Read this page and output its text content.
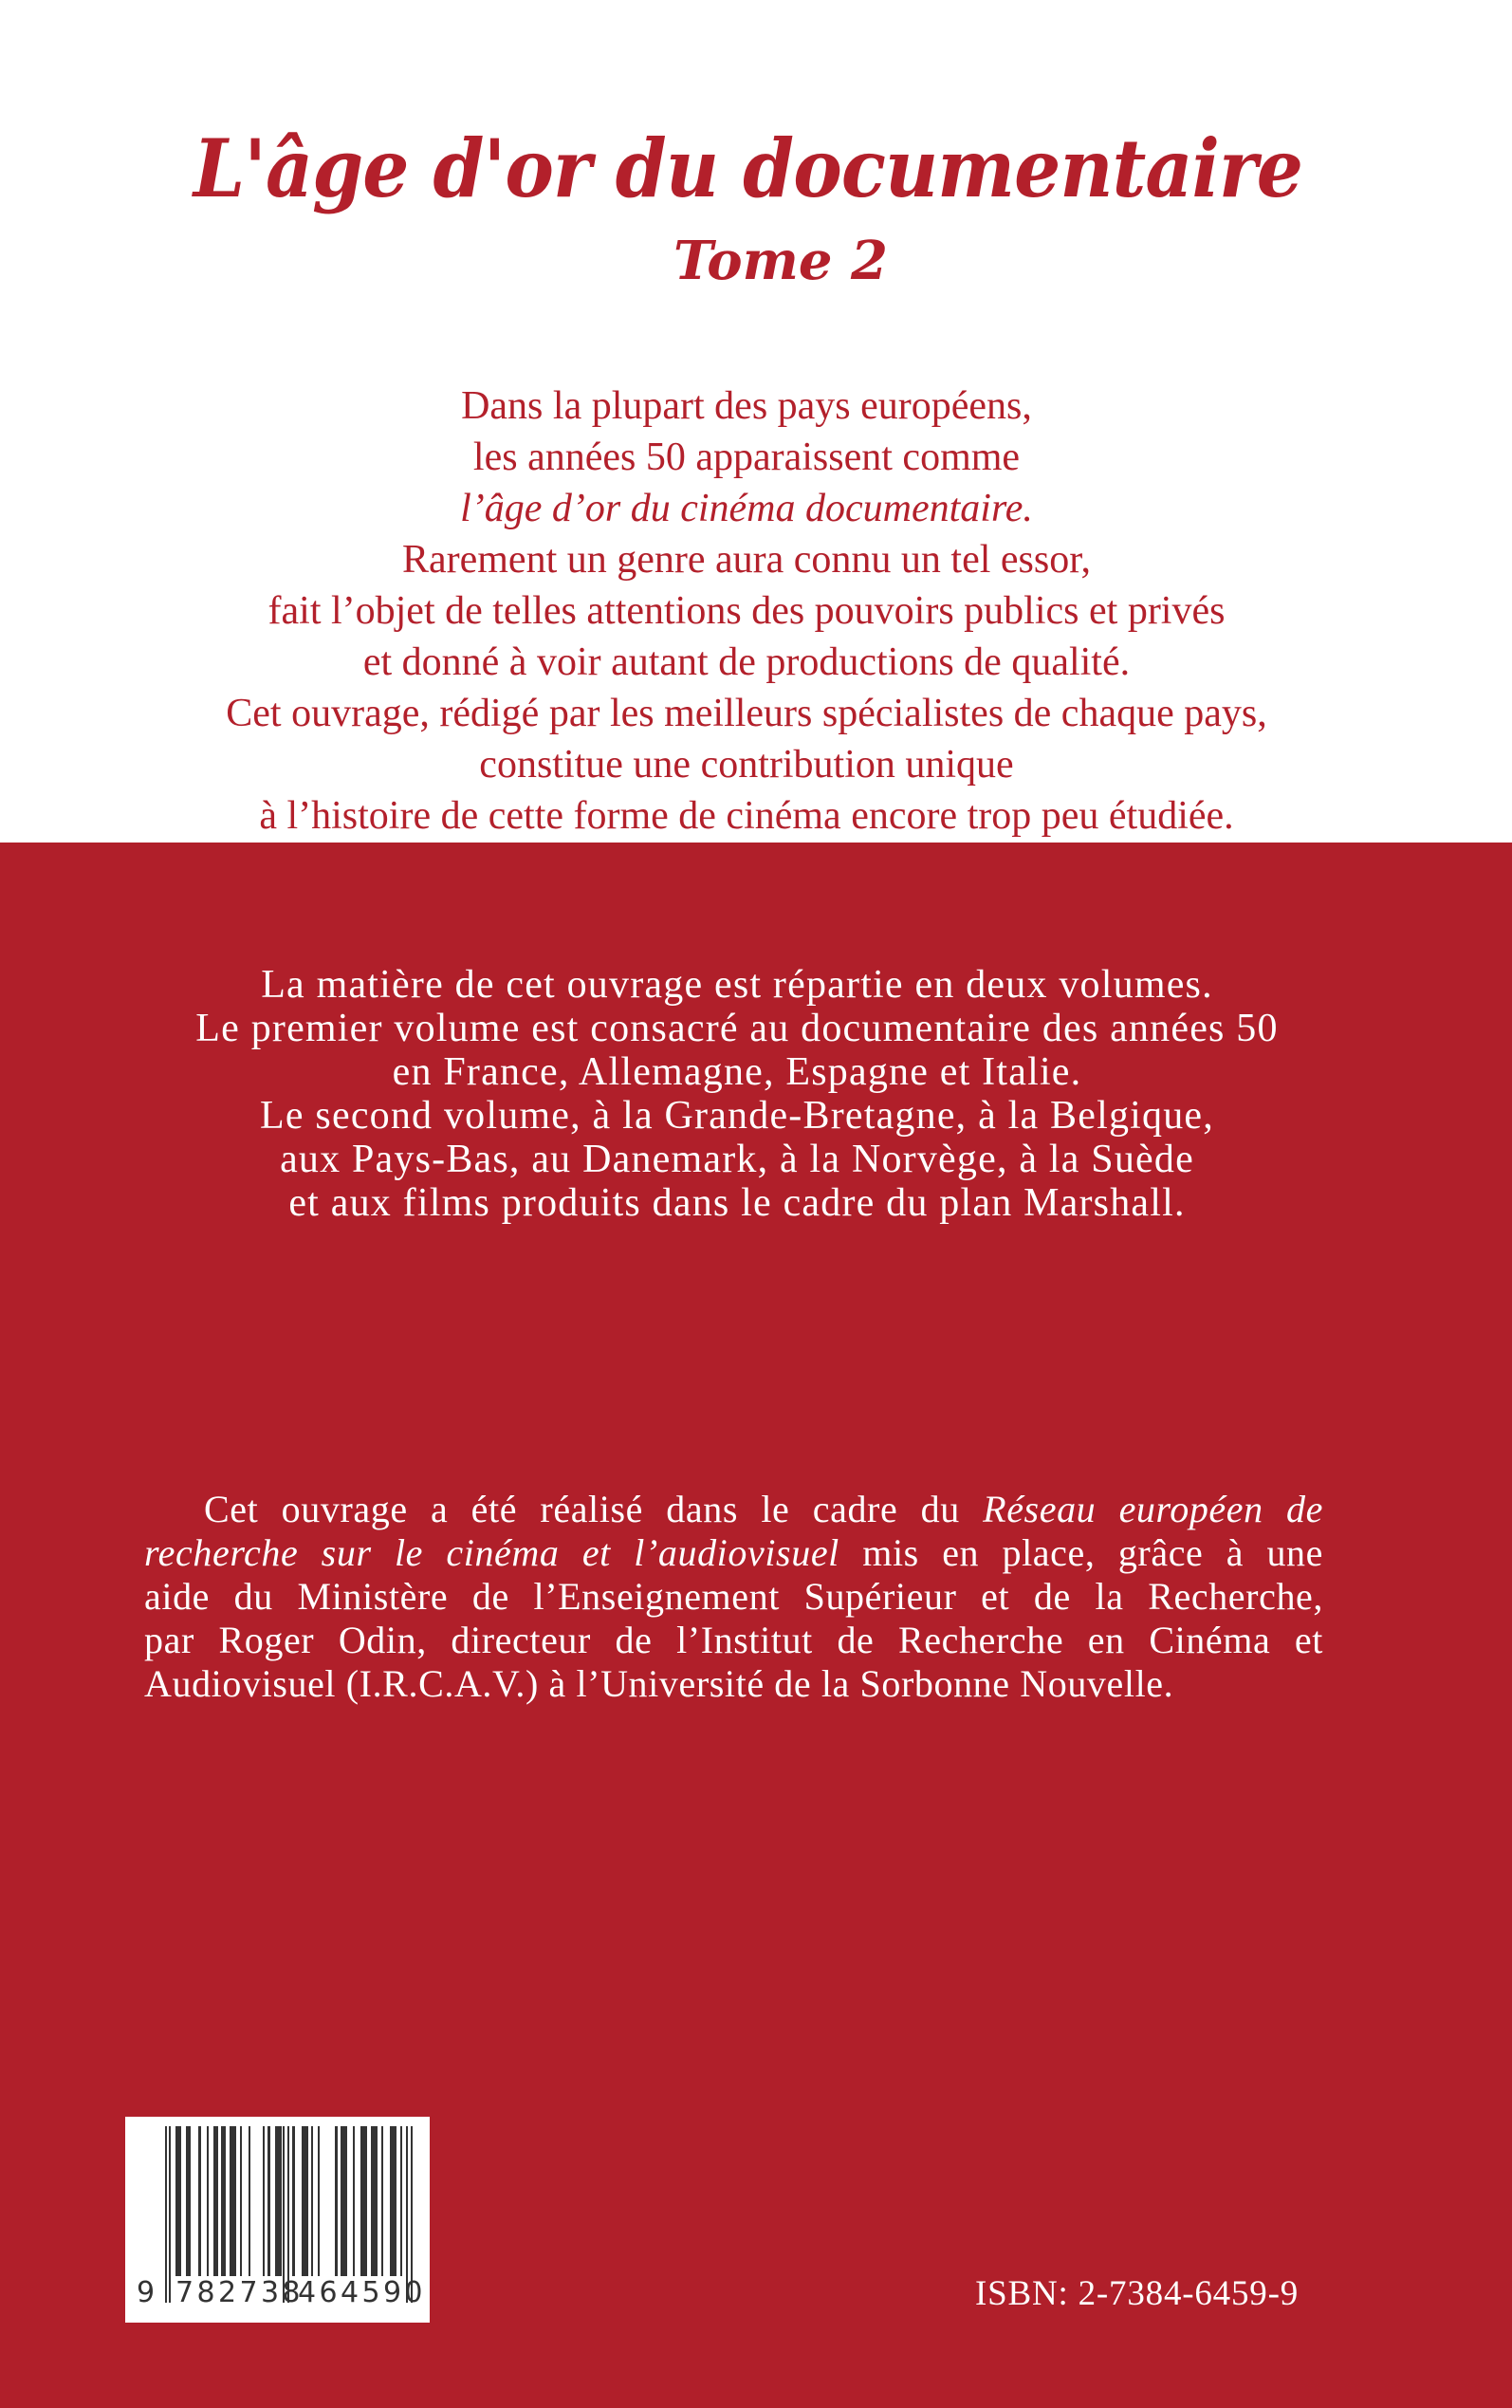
L'âge d'or du documentaire
Tome 2
Dans la plupart des pays européens,
les années 50 apparaissent comme
l’âge d’or du cinéma documentaire.
Rarement un genre aura connu un tel essor,
fait l’objet de telles attentions des pouvoirs publics et privés
et donné à voir autant de productions de qualité.
Cet ouvrage, rédigé par les meilleurs spécialistes de chaque pays,
constitue une contribution unique
à l’histoire de cette forme de cinéma encore trop peu étudiée.
La matière de cet ouvrage est répartie en deux volumes.
Le premier volume est consacré au documentaire des années 50
en France, Allemagne, Espagne et Italie.
Le second volume, à la Grande-Bretagne, à la Belgique,
aux Pays-Bas, au Danemark, à la Norvège, à la Suède
et aux films produits dans le cadre du plan Marshall.
Cet ouvrage a été réalisé dans le cadre du Réseau européen de
recherche sur le cinéma et l’audiovisuel mis en place, grâce à une
aide du Ministère de l’Enseignement Supérieur et de la Recherche,
par Roger Odin, directeur de l’Institut de Recherche en Cinéma et
Audiovisuel (I.R.C.A.V.) à l’Université de la Sorbonne Nouvelle.
9 782738
464590	ISBN: 2-7384-6459-9
